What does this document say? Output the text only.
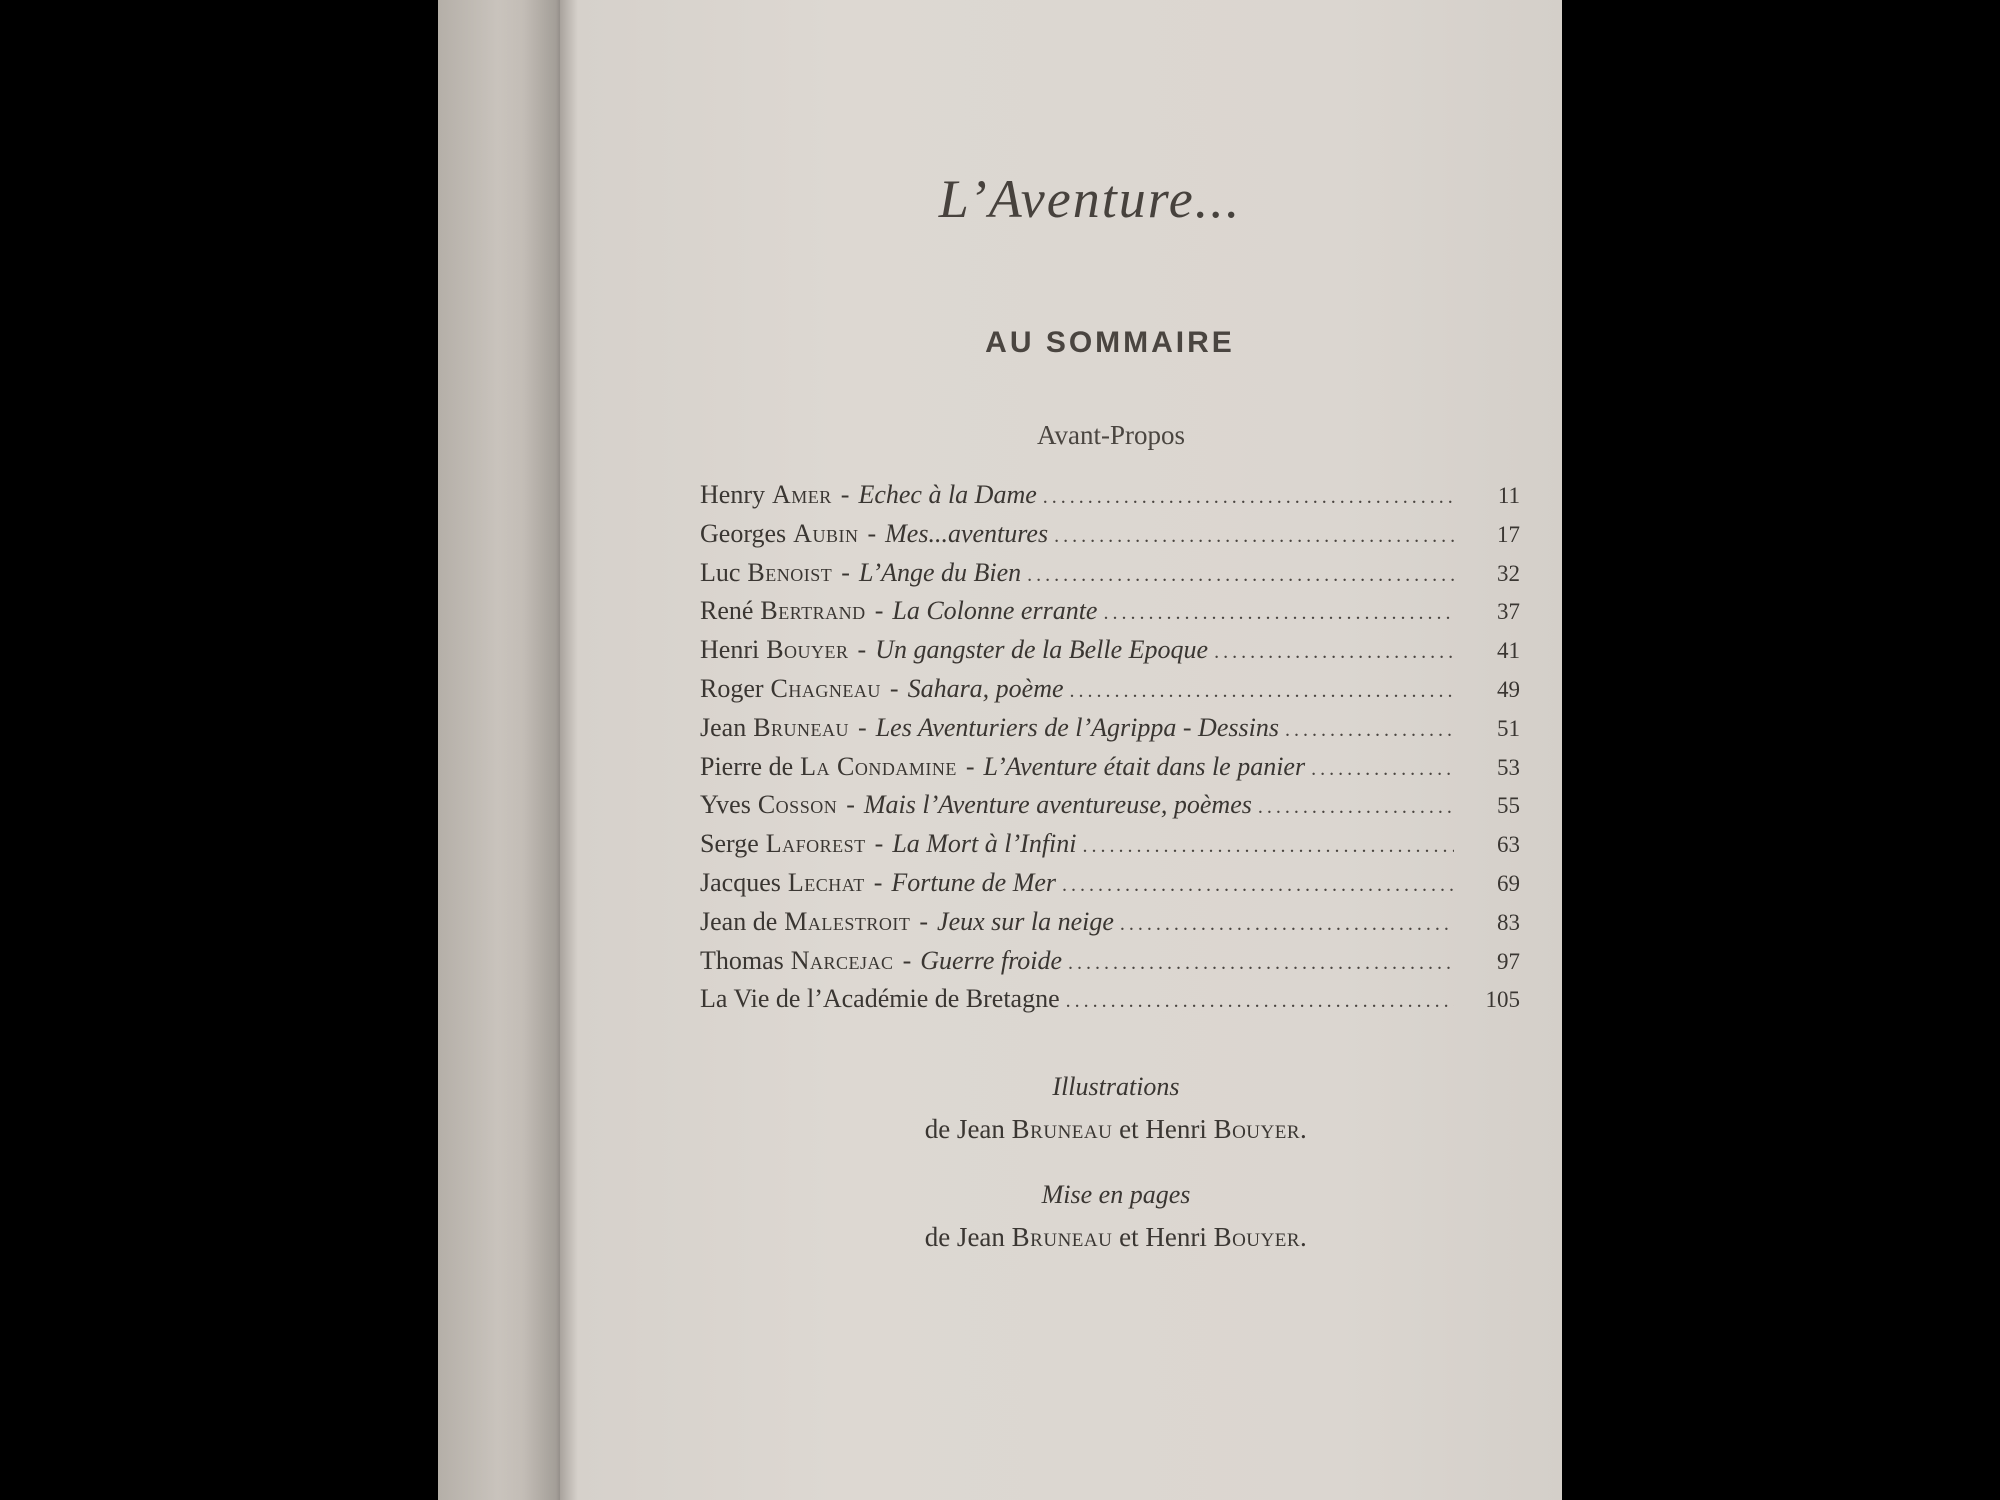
L’Aventure...
AU SOMMAIRE
Avant-Propos
Henry Amer - Echec à la Dame .....	11
Georges Aubin - Mes...aventures .....	17
Luc Benoist - L’Ange du Bien .....	32
René Bertrand - La Colonne errante .....	37
Henri Bouyer - Un gangster de la Belle Epoque .....	41
Roger Chagneau - Sahara, poème .....	49
Jean Bruneau - Les Aventuriers de l’Agrippa - Dessins .....	51
Pierre de La Condamine - L’Aventure était dans le panier .....	53
Yves Cosson - Mais l’Aventure aventureuse, poèmes .....	55
Serge Laforest - La Mort à l’Infini .....	63
Jacques Lechat - Fortune de Mer .....	69
Jean de Malestroit - Jeux sur la neige .....	83
Thomas Narcejac - Guerre froide .....	97
La Vie de l’Académie de Bretagne .....	105
Illustrations
de Jean Bruneau et Henri Bouyer.
Mise en pages
de Jean Bruneau et Henri Bouyer.
